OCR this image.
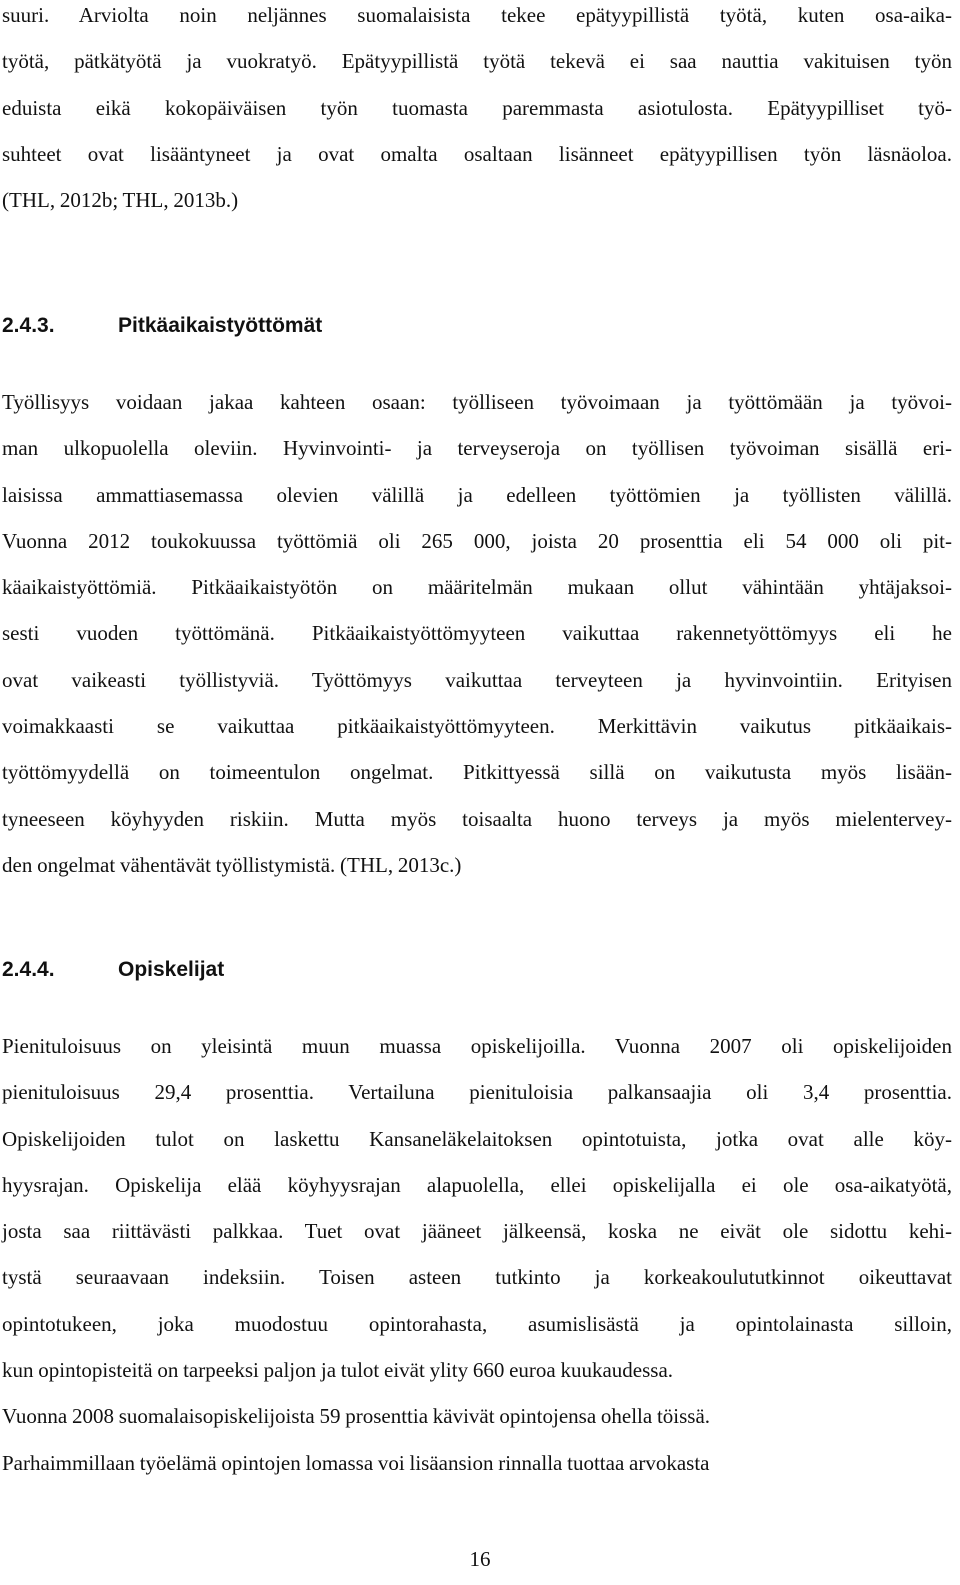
suuri. Arviolta noin neljännes suomalaisista tekee epätyypillistä työtä, kuten osa-aika-
työtä, pätkätyötä ja vuokratyö. Epätyypillistä työtä tekevä ei saa nauttia vakituisen työn
eduista eikä kokopäiväisen työn tuomasta paremmasta asiotulosta. Epätyypilliset työ-
suhteet ovat lisääntyneet ja ovat omalta osaltaan lisänneet epätyypillisen työn läsnäoloa.
(THL, 2012b; THL, 2013b.)
2.4.3.	Pitkäaikaistyöttömät
Työllisyys voidaan jakaa kahteen osaan: työlliseen työvoimaan ja työttömään ja työvoi-
man ulkopuolella oleviin. Hyvinvointi- ja terveyseroja on työllisen työvoiman sisällä eri-
laisissa ammattiasemassa olevien välillä ja edelleen työttömien ja työllisten välillä.
Vuonna 2012 toukokuussa työttömiä oli 265 000, joista 20 prosenttia eli 54 000 oli pit-
käaikaistyöttömiä. Pitkäaikaistyötön on määritelmän mukaan ollut vähintään yhtäjaksoi-
sesti vuoden työttömänä. Pitkäaikaistyöttömyyteen vaikuttaa rakennetyöttömyys eli he
ovat vaikeasti työllistyviä. Työttömyys vaikuttaa terveyteen ja hyvinvointiin. Erityisen
voimakkaasti se vaikuttaa pitkäaikaistyöttömyyteen. Merkittävin vaikutus pitkäaikais-
työttömyydellä on toimeentulon ongelmat. Pitkittyessä sillä on vaikutusta myös lisään-
tyneeseen köyhyyden riskiin. Mutta myös toisaalta huono terveys ja myös mielentervey-
den ongelmat vähentävät työllistymistä. (THL, 2013c.)
2.4.4.	Opiskelijat
Pienituloisuus on yleisintä muun muassa opiskelijoilla. Vuonna 2007 oli opiskelijoiden
pienituloisuus 29,4 prosenttia. Vertailuna pienituloisia palkansaajia oli 3,4 prosenttia.
Opiskelijoiden tulot on laskettu Kansaneläkelaitoksen opintotuista, jotka ovat alle köy-
hyysrajan. Opiskelija elää köyhyysrajan alapuolella, ellei opiskelijalla ei ole osa-aikatyötä,
josta saa riittävästi palkkaa. Tuet ovat jääneet jälkeensä, koska ne eivät ole sidottu kehi-
tystä seuraavaan indeksiin. Toisen asteen tutkinto ja korkeakoulututkinnot oikeuttavat
opintotukeen, joka muodostuu opintorahasta, asumislisästä ja opintolainasta silloin,
kun opintopisteitä on tarpeeksi paljon ja tulot eivät ylity 660 euroa kuukaudessa.
Vuonna 2008 suomalaisopiskelijoista 59 prosenttia kävivät opintojensa ohella töissä.
Parhaimmillaan työelämä opintojen lomassa voi lisäansion rinnalla tuottaa arvokasta
16
